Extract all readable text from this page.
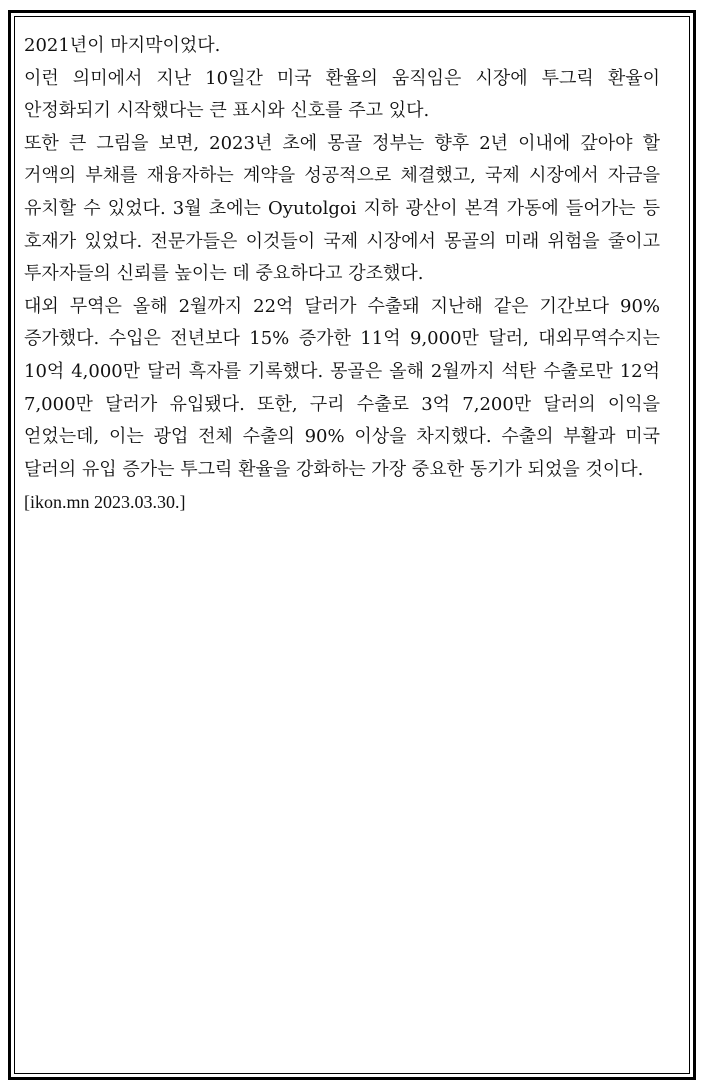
2021년이 마지막이었다.

이런 의미에서 지난 10일간 미국 환율의 움직임은 시장에 투그릭 환율이 안정화되기 시작했다는 큰 표시와 신호를 주고 있다.

또한 큰 그림을 보면, 2023년 초에 몽골 정부는 향후 2년 이내에 갚아야 할 거액의 부채를 재융자하는 계약을 성공적으로 체결했고, 국제 시장에서 자금을 유치할 수 있었다. 3월 초에는 Oyutolgoi 지하 광산이 본격 가동에 들어가는 등 호재가 있었다. 전문가들은 이것들이 국제 시장에서 몽골의 미래 위험을 줄이고 투자자들의 신뢰를 높이는 데 중요하다고 강조했다.

대외 무역은 올해 2월까지 22억 달러가 수출돼 지난해 같은 기간보다 90% 증가했다. 수입은 전년보다 15% 증가한 11억 9,000만 달러, 대외무역수지는 10억 4,000만 달러 흑자를 기록했다. 몽골은 올해 2월까지 석탄 수출로만 12억 7,000만 달러가 유입됐다. 또한, 구리 수출로 3억 7,200만 달러의 이익을 얻었는데, 이는 광업 전체 수출의 90% 이상을 차지했다. 수출의 부활과 미국 달러의 유입 증가는 투그릭 환율을 강화하는 가장 중요한 동기가 되었을 것이다.

[ikon.mn 2023.03.30.]
